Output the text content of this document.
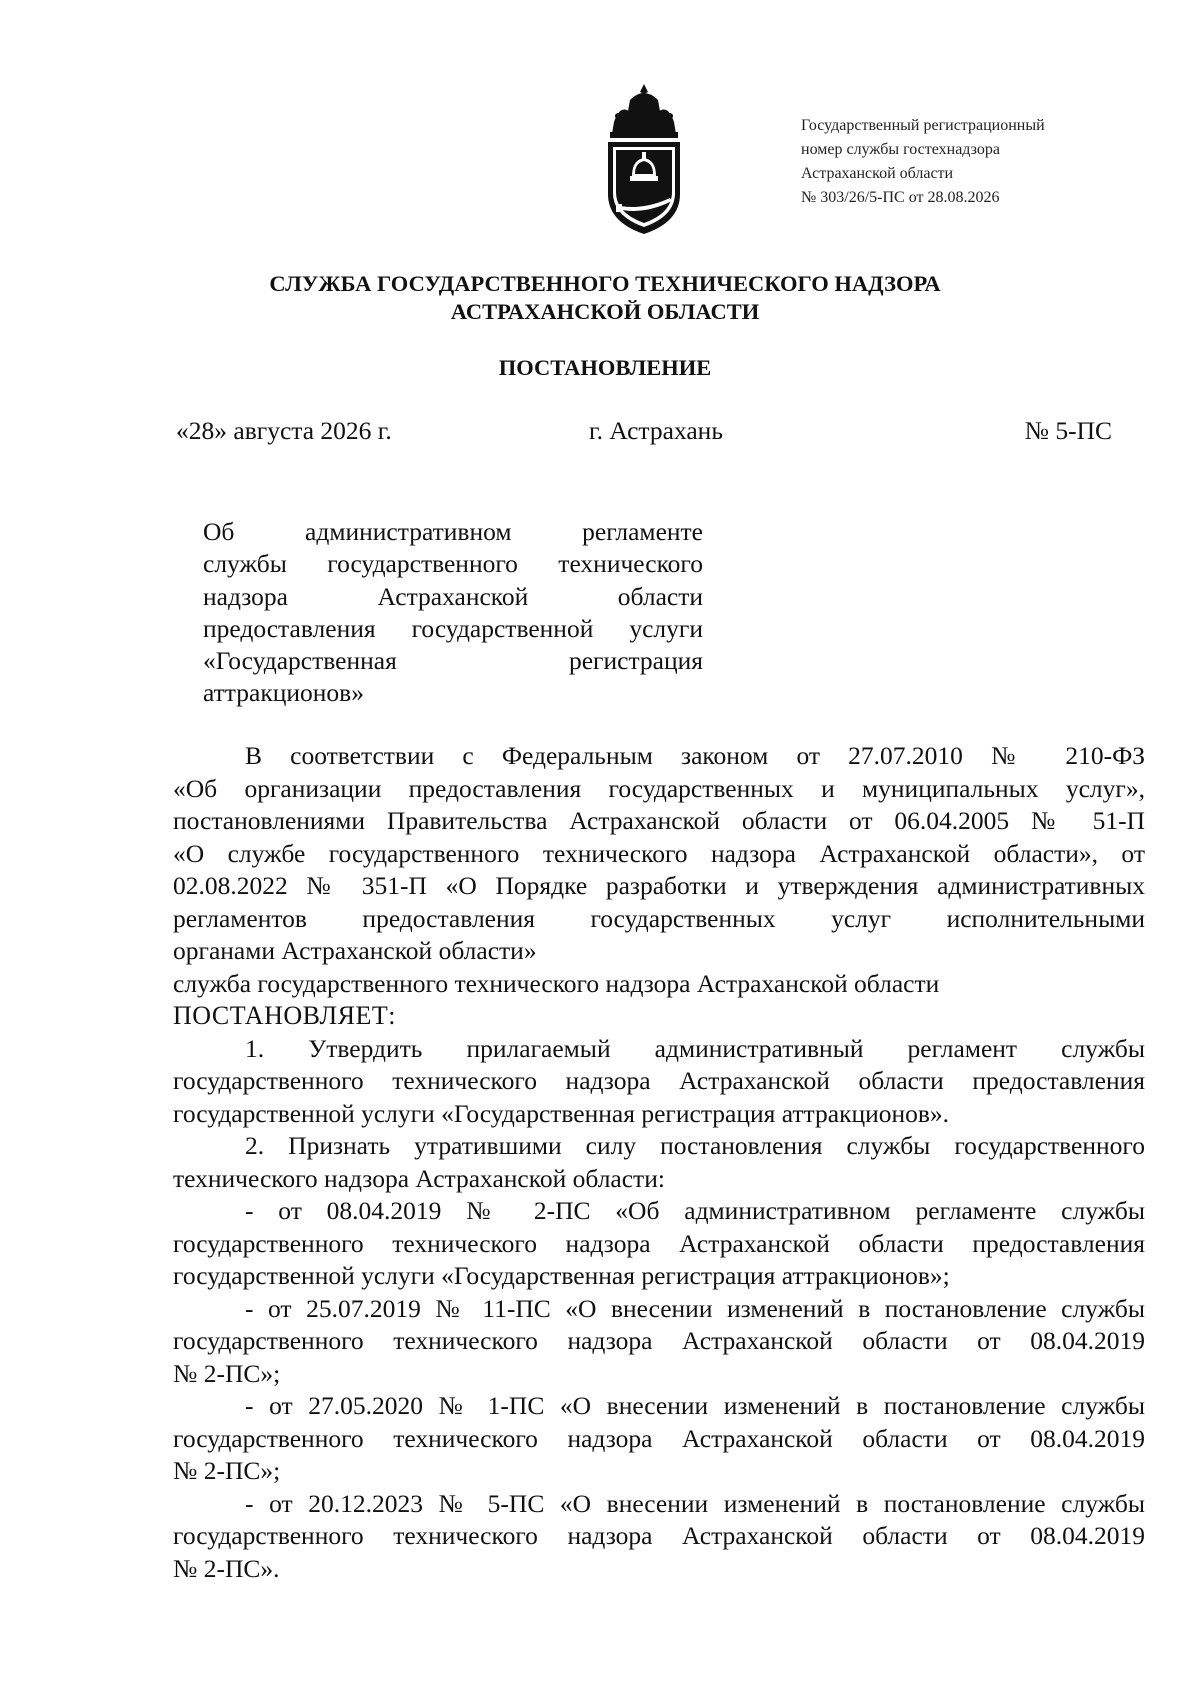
Государственный регистрационный
номер службы гостехнадзора
Астраханской области
№ 303/26/5-ПС от 28.08.2026
СЛУЖБА ГОСУДАРСТВЕННОГО ТЕХНИЧЕСКОГО НАДЗОРА
АСТРАХАНСКОЙ ОБЛАСТИ
ПОСТАНОВЛЕНИЕ
«28» августа 2026 г.	г. Астрахань	№ 5-ПС
Об административном регламенте
службы государственного технического
надзора Астраханской области
предоставления государственной услуги
«Государственная регистрация
аттракционов»
В соответствии с Федеральным законом от 27.07.2010 № 210-ФЗ
«Об организации предоставления государственных и муниципальных услуг»,
постановлениями Правительства Астраханской области от 06.04.2005 № 51-П
«О службе государственного технического надзора Астраханской области», от
02.08.2022 № 351-П «О Порядке разработки и утверждения административных
регламентов предоставления государственных услуг исполнительными
органами Астраханской области»
служба государственного технического надзора Астраханской области
ПОСТАНОВЛЯЕТ:
1. Утвердить прилагаемый административный регламент службы
государственного технического надзора Астраханской области предоставления
государственной услуги «Государственная регистрация аттракционов».
2. Признать утратившими силу постановления службы государственного
технического надзора Астраханской области:
- от 08.04.2019 № 2-ПС «Об административном регламенте службы
государственного технического надзора Астраханской области предоставления
государственной услуги «Государственная регистрация аттракционов»;
- от 25.07.2019 № 11-ПС «О внесении изменений в постановление службы
государственного технического надзора Астраханской области от 08.04.2019
№ 2-ПС»;
- от 27.05.2020 № 1-ПС «О внесении изменений в постановление службы
государственного технического надзора Астраханской области от 08.04.2019
№ 2-ПС»;
- от 20.12.2023 № 5-ПС «О внесении изменений в постановление службы
государственного технического надзора Астраханской области от 08.04.2019
№ 2-ПС».
